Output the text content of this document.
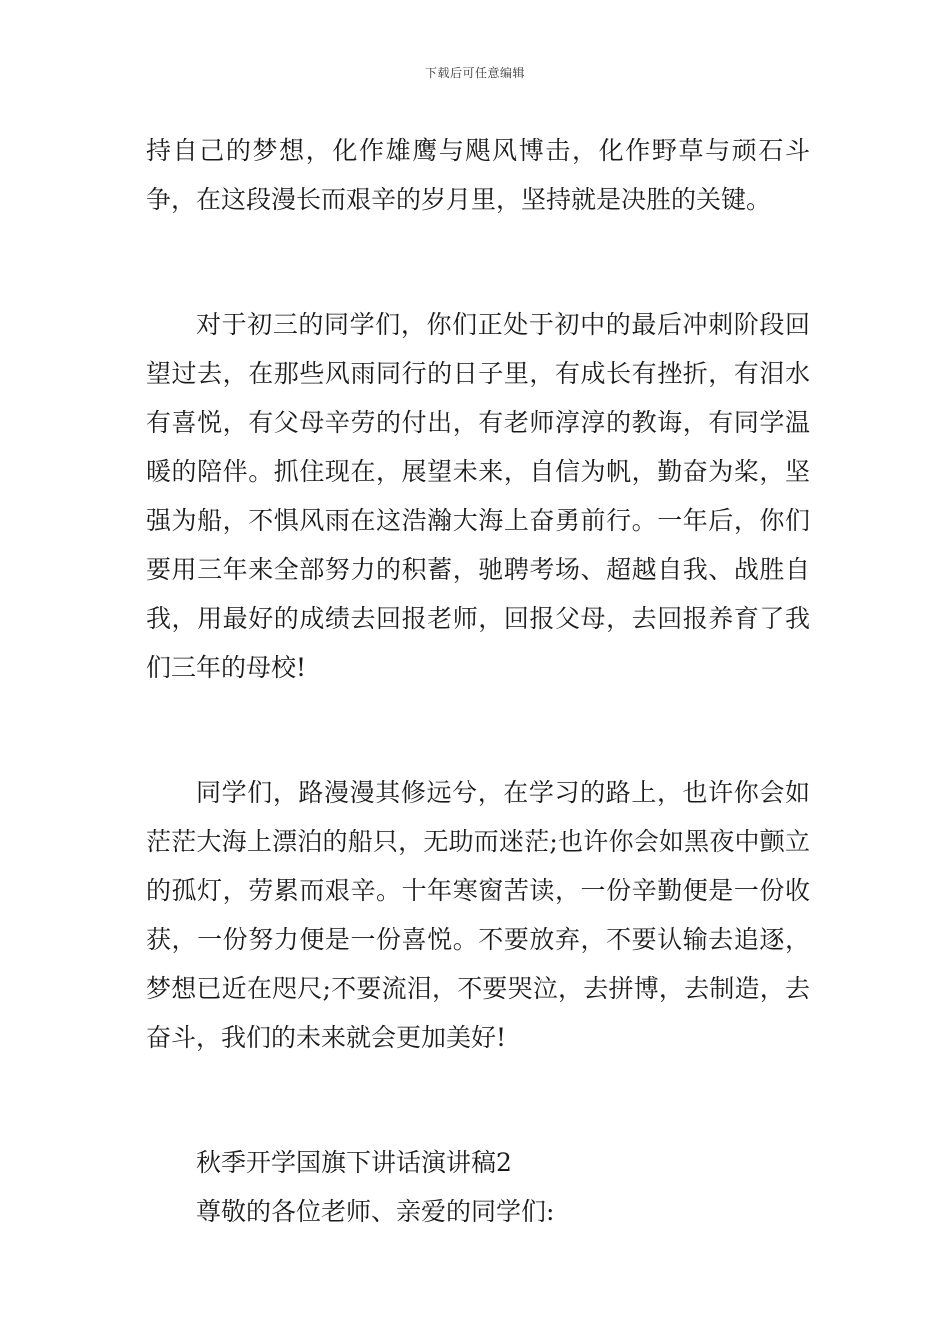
下载后可任意编辑

持自己的梦想，化作雄鹰与飓风博击，化作野草与顽石斗争，在这段漫长而艰辛的岁月里，坚持就是决胜的关键。

对于初三的同学们，你们正处于初中的最后冲刺阶段回望过去，在那些风雨同行的日子里，有成长有挫折，有泪水有喜悦，有父母辛劳的付出，有老师淳淳的教诲，有同学温暖的陪伴。抓住现在，展望未来，自信为帆，勤奋为桨，坚强为船，不惧风雨在这浩瀚大海上奋勇前行。一年后，你们要用三年来全部努力的积蓄，驰聘考场、超越自我、战胜自我，用最好的成绩去回报老师，回报父母，去回报养育了我们三年的母校!

同学们，路漫漫其修远兮，在学习的路上，也许你会如茫茫大海上漂泊的船只，无助而迷茫;也许你会如黑夜中颤立的孤灯，劳累而艰辛。十年寒窗苦读，一份辛勤便是一份收获，一份努力便是一份喜悦。不要放弃，不要认输去追逐，梦想已近在咫尺;不要流泪，不要哭泣，去拼博，去制造，去奋斗，我们的未来就会更加美好!

秋季开学国旗下讲话演讲稿2

尊敬的各位老师、亲爱的同学们:
